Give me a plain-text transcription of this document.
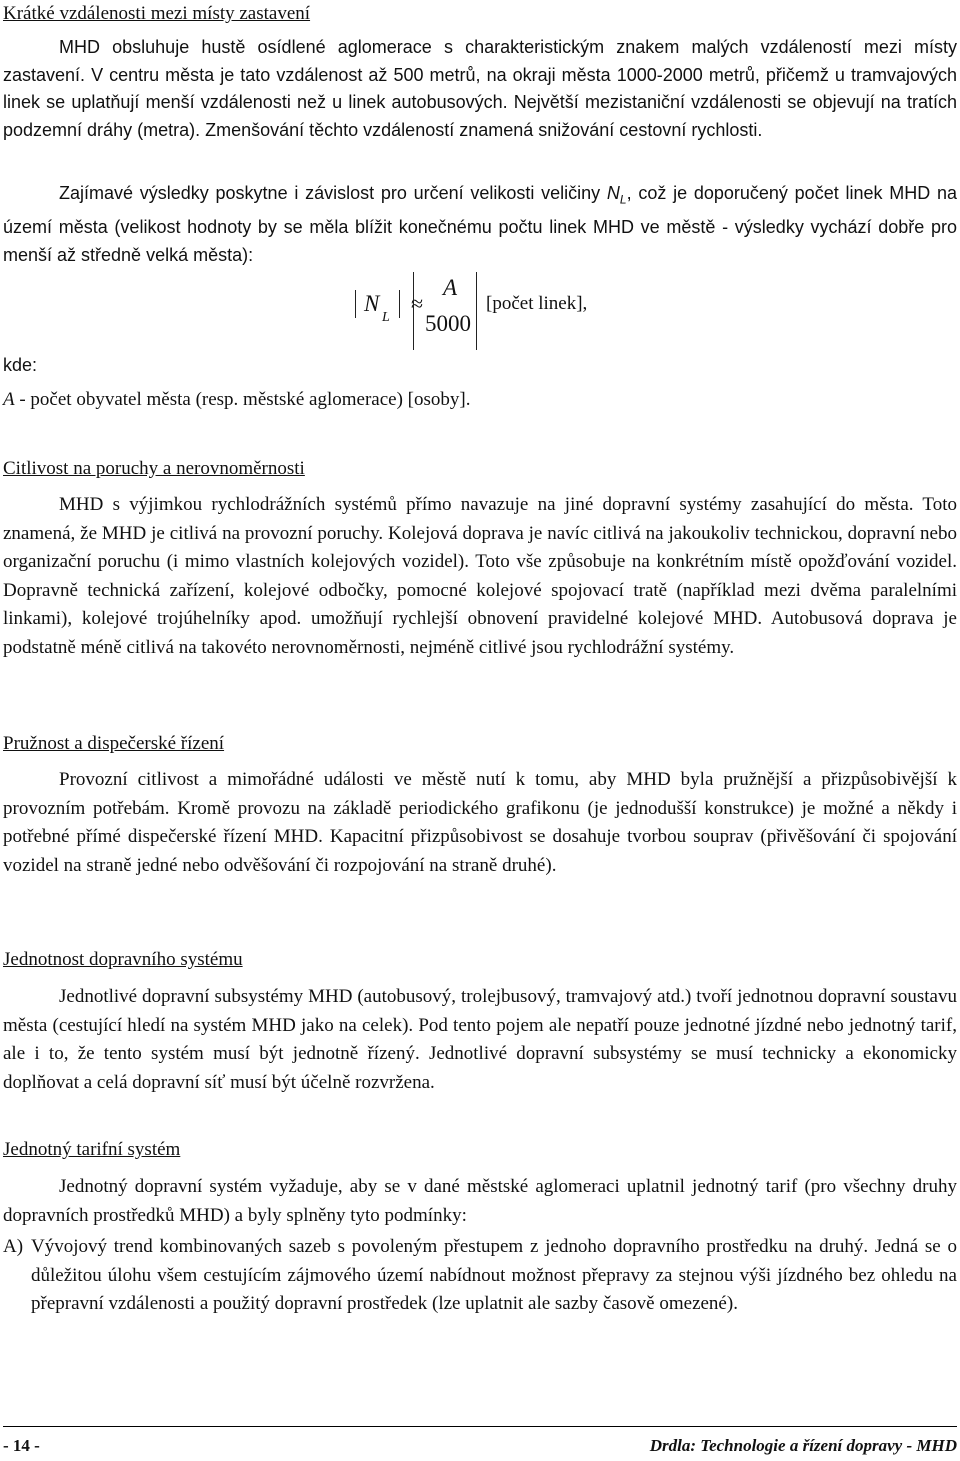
Krátké vzdálenosti mezi místy zastavení

MHD obsluhuje hustě osídlené aglomerace s charakteristickým znakem malých vzdáleností mezi místy zastavení. V centru města je tato vzdálenost až 500 metrů, na okraji města 1000-2000 metrů, přičemž u tramvajových linek se uplatňují menší vzdálenosti než u linek autobusových. Největší mezistaniční vzdálenosti se objevují na tratích podzemní dráhy (metra). Zmenšování těchto vzdáleností znamená snižování cestovní rychlosti.

Zajímavé výsledky poskytne i závislost pro určení velikosti veličiny $N_L$, což je doporučený počet linek MHD na území města (velikost hodnoty by se měla blížit konečnému počtu linek MHD ve městě - výsledky vychází dobře pro menší až středně velká města):

N
L
≈
A
5000
[počet linek],

kde:

A - počet obyvatel města (resp. městské aglomerace) [osoby].

Citlivost na poruchy a nerovnoměrnosti

MHD s výjimkou rychlodrážních systémů přímo navazuje na jiné dopravní systémy zasahující do města. Toto znamená, že MHD je citlivá na provozní poruchy. Kolejová doprava je navíc citlivá na jakoukoliv technickou, dopravní nebo organizační poruchu (i mimo vlastních kolejových vozidel). Toto vše způsobuje na konkrétním místě opožďování vozidel. Dopravně technická zařízení, kolejové odbočky, pomocné kolejové spojovací tratě (například mezi dvěma paralelními linkami), kolejové trojúhelníky apod. umožňují rychlejší obnovení pravidelné kolejové MHD. Autobusová doprava je podstatně méně citlivá na takovéto nerovnoměrnosti, nejméně citlivé jsou rychlodrážní systémy.

Pružnost a dispečerské řízení

Provozní citlivost a mimořádné události ve městě nutí k tomu, aby MHD byla pružnější a přizpůsobivější k provozním potřebám. Kromě provozu na základě periodického grafikonu (je jednodušší konstrukce) je možné a někdy i potřebné přímé dispečerské řízení MHD. Kapacitní přizpůsobivost se dosahuje tvorbou souprav (přivěšování či spojování vozidel na straně jedné nebo odvěšování či rozpojování na straně druhé).

Jednotnost dopravního systému

Jednotlivé dopravní subsystémy MHD (autobusový, trolejbusový, tramvajový atd.) tvoří jednotnou dopravní soustavu města (cestující hledí na systém MHD jako na celek). Pod tento pojem ale nepatří pouze jednotné jízdné nebo jednotný tarif, ale i to, že tento systém musí být jednotně řízený. Jednotlivé dopravní subsystémy se musí technicky a ekonomicky doplňovat a celá dopravní síť musí být účelně rozvržena.

Jednotný tarifní systém

Jednotný dopravní systém vyžaduje, aby se v dané městské aglomeraci uplatnil jednotný tarif (pro všechny druhy dopravních prostředků MHD) a byly splněny tyto podmínky:

A) Vývojový trend kombinovaných sazeb s povoleným přestupem z jednoho dopravního prostředku na druhý. Jedná se o důležitou úlohu všem cestujícím zájmového území nabídnout možnost přepravy za stejnou výši jízdného bez ohledu na přepravní vzdálenosti a použitý dopravní prostředek (lze uplatnit ale sazby časově omezené).
- 14 -	Drdla: Technologie a řízení dopravy - MHD
